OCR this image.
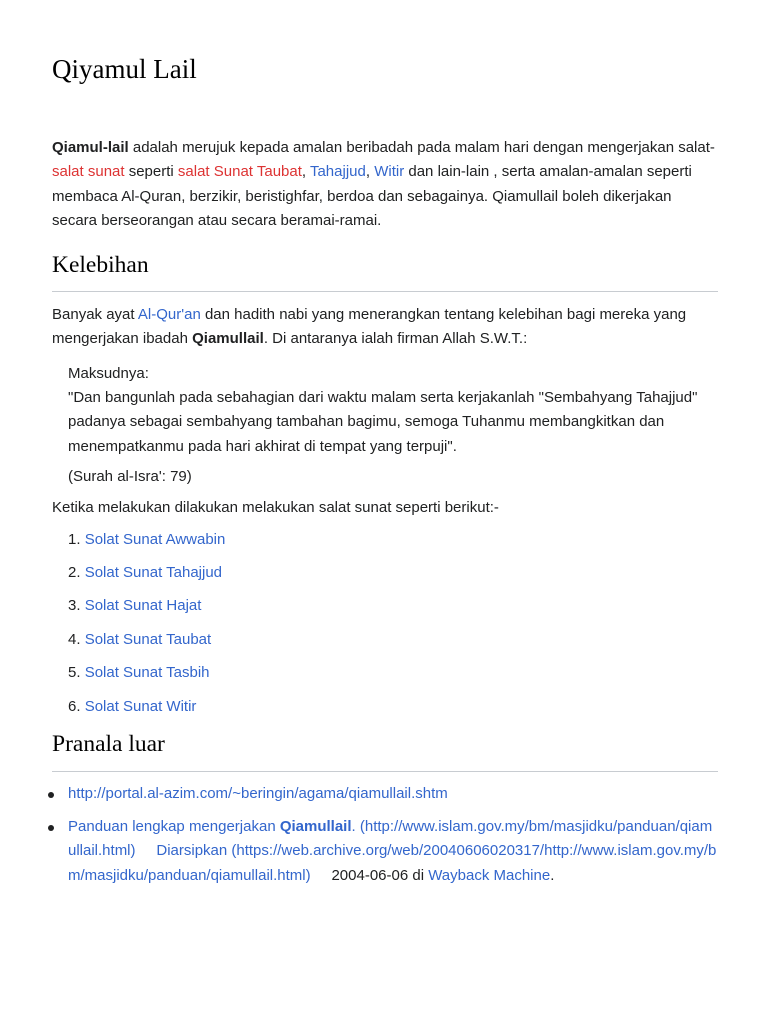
Qiyamul Lail

Qiamul-lail adalah merujuk kepada amalan beribadah pada malam hari dengan mengerjakan salat-salat sunat seperti salat Sunat Taubat, Tahajjud, Witir dan lain-lain , serta amalan-amalan seperti membaca Al-Quran, berzikir, beristighfar, berdoa dan sebagainya. Qiamullail boleh dikerjakan secara berseorangan atau secara beramai-ramai.

Kelebihan

Banyak ayat Al-Qur'an dan hadith nabi yang menerangkan tentang kelebihan bagi mereka yang mengerjakan ibadah Qiamullail. Di antaranya ialah firman Allah S.W.T.:

Maksudnya:
"Dan bangunlah pada sebahagian dari waktu malam serta kerjakanlah "Sembahyang Tahajjud" padanya sebagai sembahyang tambahan bagimu, semoga Tuhanmu membangkitkan dan menempatkanmu pada hari akhirat di tempat yang terpuji".
(Surah al-Isra': 79)

Ketika melakukan dilakukan melakukan salat sunat seperti berikut:-

1. Solat Sunat Awwabin
2. Solat Sunat Tahajjud
3. Solat Sunat Hajat
4. Solat Sunat Taubat
5. Solat Sunat Tasbih
6. Solat Sunat Witir
Pranala luar
http://portal.al-azim.com/~beringin/agama/qiamullail.shtm
Panduan lengkap mengerjakan Qiamullail. (http://www.islam.gov.my/bm/masjidku/panduan/qiamullail.html) Diarsipkan (https://web.archive.org/web/20040606020317/http://www.islam.gov.my/bm/masjidku/panduan/qiamullail.html) 2004-06-06 di Wayback Machine.
